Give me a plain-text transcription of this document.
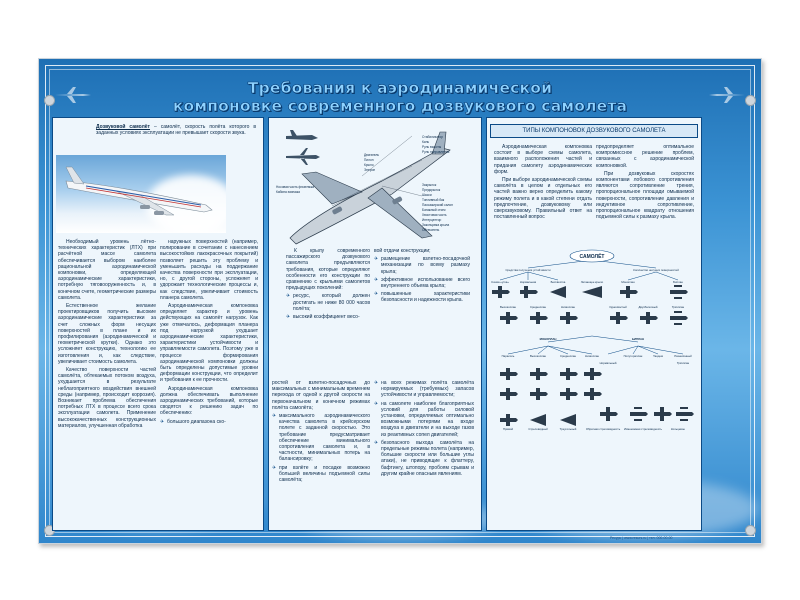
Требования к аэродинамической
компоновке современного дозвукового самолета
Дозвуковой самолёт – самолёт, скорость полёта которого в заданных условиях эксплуатации не превышает скорости звука.

Необходимый уровень лётно-технических характеристик (ЛТХ) при расчётной массе самолета обеспечивается выбором наиболее рациональной аэродинамической компоновки, определяющей аэродинамические характеристики, потребную тяговооруженность и, в конечном счете, геометрические размеры самолета.

Естественное желание проектировщиков получить высокие аэродинамические характеристики за счет сложных форм несущих поверхностей в плане и их профилирования (аэродинамической и геометрической крутки). Однако это усложняет конструкцию, технологию ее изготовления и, как следствие, увеличивает стоимость самолета.

Качество поверхности частей самолёта, обтекаемых потоком воздуха, ухудшается в результате неблагоприятного воздействия внешней среды (например, происходит коррозия). Возникает проблема обеспечения потребных ЛТХ в процессе всего срока эксплуатации самолета. Применение высококачественных конструкционных материалов, улучшенная обработка

наружных поверхностей (например, полирование в сочетании с нанесением высокостойких лакокрасочных покрытий) позволяет решить эту проблему и уменьшить расходы на поддержание качества поверхности при эксплуатации, но, с другой стороны, усложняет и удорожает технологические процессы и, как следствие, увеличивает стоимость планера самолета.

Аэродинамическая компоновка определяет характер и уровень действующих на самолёт нагрузок. Как уже отмечалось, деформация планера под нагрузкой ухудшает аэродинамические характеристики, характеристики устойчивости и управляемости самолета. Поэтому уже в процессе формирования аэродинамической компоновки должны быть определены допустимые уровни деформации конструкции, что определит и требования к ее прочности.

Аэродинамическая компоновка должна обеспечивать выполнение аэродинамических требований, которые сводятся к решению задач по обеспечению:

✈ большого диапазона ско-

Стабилизатор
Киль
Руль высоты
Руль направления
Двигатель
Пилон
Крыло
Элерон
Закрылок
Предкрылок
Шасси
Топливный бак
Пассажирский салон
Багажный отсек
Хвостовая часть
Интерцептор
Законцовка крыла
Обтекатель
Носовая часть фюзеляжа
Кабина экипажа

К крылу современного пассажирского дозвукового самолета предъявляются требования, которые определяют особенности его конструкции по сравнению с крыльями самолетов предыдущих поколений:

✈ ресурс, который должен достигать не ниже 80 000 часов полёта;

✈ высокий коэффициент весо-

вой отдачи конструкции;

✈ размещение взлетно-посадочной механизации по всему размаху крыла;

✈ эффективное использование всего внутреннего объема крыла;

✈ повышенные характеристики безопасности и надежности крыла.

ростей от взлетно-посадочных до максимальных с минимальным временем перехода от одной к другой скорости на первоначальном и конечном режимах полёта самолёта;

✈ максимального аэродинамического качества самолета в крейсерском полете с заданной скоростью. Это требование предусматривает обеспечение минимального сопротивления самолета и, в частности, минимальных потерь на балансировку;

✈ при взлёте и посадке возможно большей величины подъемной силы самолёта;

✈ на всех режимах полёта самолёта нормируемых (требуемых) запасов устойчивости и управляемости;

✈ на самолете наиболее благоприятных условий для работы силовой установки, определяемых оптимально возможными потерями на входе воздуха в двигатели и на выходе газов из реактивных сопел двигателей;

✈ безопасного выхода самолёта на предельные режимы полета (например, большие скорости или большие углы атаки), не приводящие к флаттеру, бафтингу, штопору, пробоям срывам и другим крайне опасным явлениям.

ТИПЫ КОМПОНОВОК ДОЗВУКОВОГО САМОЛЕТА

Аэродинамическая компоновка состоит в выборе схемы самолета, взаимного расположения частей и придания самолету аэродинамических форм.

При выборе аэродинамической схемы самолёта в целом и отдельных его частей важно верно определить какому режиму полета и в какой степени отдать предпочтение, дозвуковому или сверхзвуковому. Правильный ответ на поставленный вопрос

предопределяет оптимальное компромиссное решение проблем, связанных с аэродинамической компоновкой.

При дозвуковых скоростях компонентами лобового сопротивления являются сопротивление трения, пропорциональное площади омываемой поверхности, сопротивление давления и индуктивное сопротивление, пропорциональное квадрату отношения подъемной силы к размаху крыла.

САМОЛЁТ
Средства получения устойчивости	Количество несущих поверхностей
Схема «утка»	Нормальная	Бесхвостка	Летающее крыло	Моноплан	Биплан
Высокоплан	Среднеплан	Низкоплан	Однохвостый	Двухбалочный	Трёхплан
МОНОПЛАН	БИПЛАН
Парасоль	Высокоплан	Среднеплан	Низкоплан
Нормальный
Полуторaплан	Тандем	Разнесённый
Трёхплан
Прямой	Стреловидный	Треугольный	Обратная стреловидность Изменяемая стреловидность	Кольцевое
Ресурс | www.resurs.ru | тел. 000-00-00
